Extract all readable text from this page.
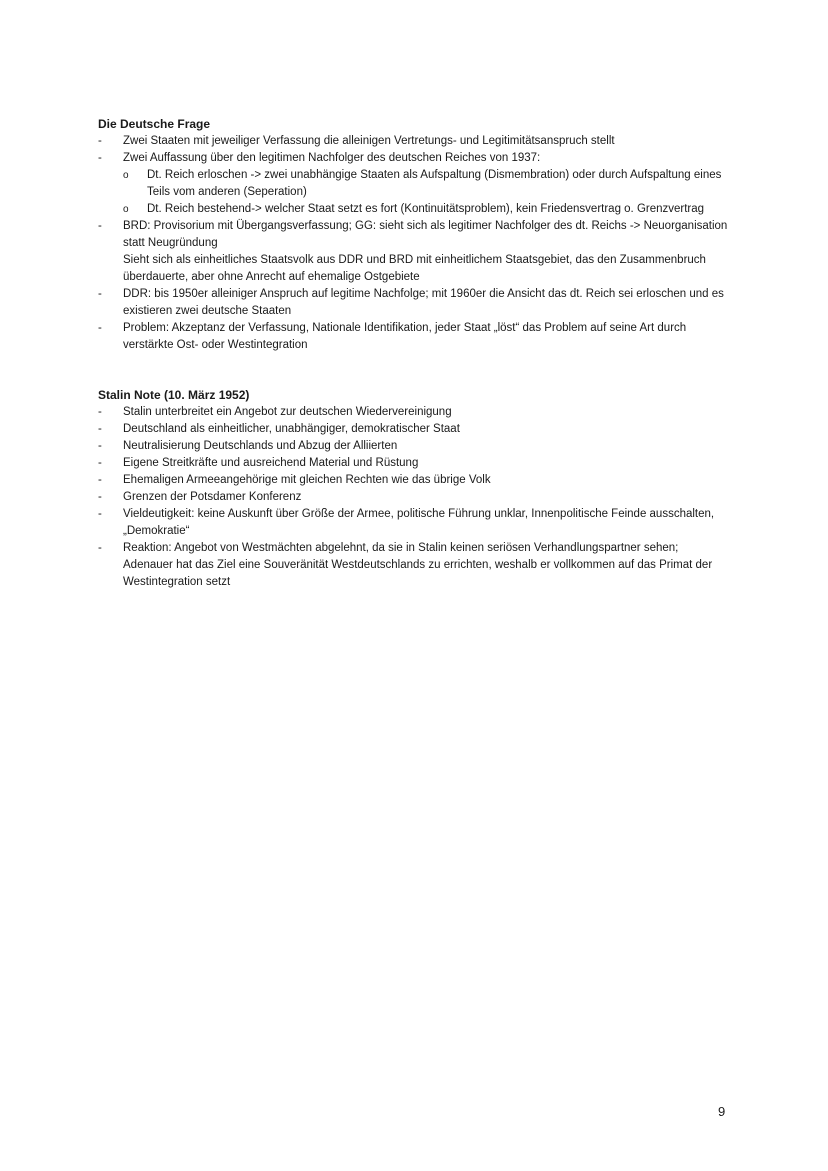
Die Deutsche Frage

-	Zwei Staaten mit jeweiliger Verfassung die alleinigen Vertretungs- und Legitimitätsanspruch stellt
-	Zwei Auffassung über den legitimen Nachfolger des deutschen Reiches von 1937:
o Dt. Reich erloschen -> zwei unabhängige Staaten als Aufspaltung (Dismembration) oder durch Aufspaltung eines Teils vom anderen (Seperation)
o Dt. Reich bestehend-> welcher Staat setzt es fort (Kontinuitätsproblem), kein Friedensvertrag o. Grenzvertrag
-	BRD: Provisorium mit Übergangsverfassung; GG: sieht sich als legitimer Nachfolger des dt. Reichs -> Neuorganisation statt Neugründung
Sieht sich als einheitliches Staatsvolk aus DDR und BRD mit einheitlichem Staatsgebiet, das den Zusammenbruch überdauerte, aber ohne Anrecht auf ehemalige Ostgebiete
-	DDR: bis 1950er alleiniger Anspruch auf legitime Nachfolge; mit 1960er die Ansicht das dt. Reich sei erloschen und es existieren zwei deutsche Staaten
-	Problem: Akzeptanz der Verfassung, Nationale Identifikation, jeder Staat „löst“ das Problem auf seine Art durch verstärkte Ost- oder Westintegration

Stalin Note (10. März 1952)

-	Stalin unterbreitet ein Angebot zur deutschen Wiedervereinigung
-	Deutschland als einheitlicher, unabhängiger, demokratischer Staat
-	Neutralisierung Deutschlands und Abzug der Alliierten
-	Eigene Streitkräfte und ausreichend Material und Rüstung
-	Ehemaligen Armeeangehörige mit gleichen Rechten wie das übrige Volk
-	Grenzen der Potsdamer Konferenz
-	Vieldeutigkeit: keine Auskunft über Größe der Armee, politische Führung unklar, Innenpolitische Feinde ausschalten, „Demokratie“
-	Reaktion: Angebot von Westmächten abgelehnt, da sie in Stalin keinen seriösen Verhandlungspartner sehen; Adenauer hat das Ziel eine Souveränität Westdeutschlands zu errichten, weshalb er vollkommen auf das Primat der Westintegration setzt
9
